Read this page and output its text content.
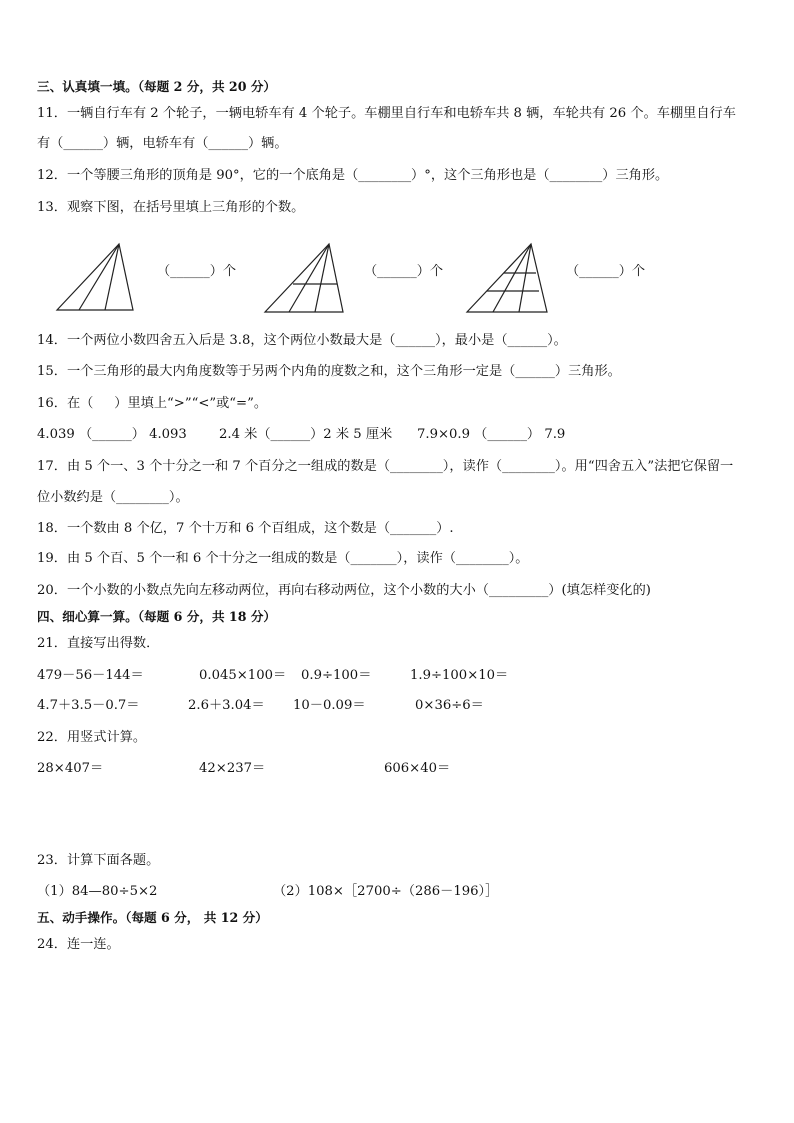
三、认真填一填。（每题 2 分，共 20 分）
11．一辆自行车有 2 个轮子，一辆电轿车有 4 个轮子。车棚里自行车和电轿车共 8 辆，车轮共有 26 个。车棚里自行车
有（______）辆，电轿车有（______）辆。
12．一个等腰三角形的顶角是 90°，它的一个底角是（________）°，这个三角形也是（________）三角形。
13．观察下图，在括号里填上三角形的个数。
（______）个	（______）个	（______）个
14．一个两位小数四舍五入后是 3.8，这个两位小数最大是（______），最小是（______）。
15．一个三角形的最大内角度数等于另两个内角的度数之和，这个三角形一定是（______）三角形。
16．在（     ）里填上“>”“<”或“=”。
4.039 （______） 4.093 2.4 米（______）2 米 5 厘米 7.9×0.9 （______） 7.9
17．由 5 个一、3 个十分之一和 7 个百分之一组成的数是（________），读作（________）。用“四舍五入”法把它保留一
位小数约是（________）。
18．一个数由 8 个亿，7 个十万和 6 个百组成，这个数是（_______）.
19．由 5 个百、5 个一和 6 个十分之一组成的数是（_______），读作（________）。
20．一个小数的小数点先向左移动两位，再向右移动两位，这个小数的大小（_________）(填怎样变化的)
四、细心算一算。（每题 6 分，共 18 分）
21．直接写出得数．
479－56－144＝	0.045×100＝ 0.9÷100＝	1.9÷100×10＝
4.7＋3.5－0.7＝	2.6＋3.04＝ 10－0.09＝	0×36÷6＝
22．用竖式计算。
28×407＝	42×237＝	606×40＝
23．计算下面各题。
（1）84—80÷5×2	（2）108×［2700÷（286－196）］
五、动手操作。（每题 6 分， 共 12 分）
24．连一连。
